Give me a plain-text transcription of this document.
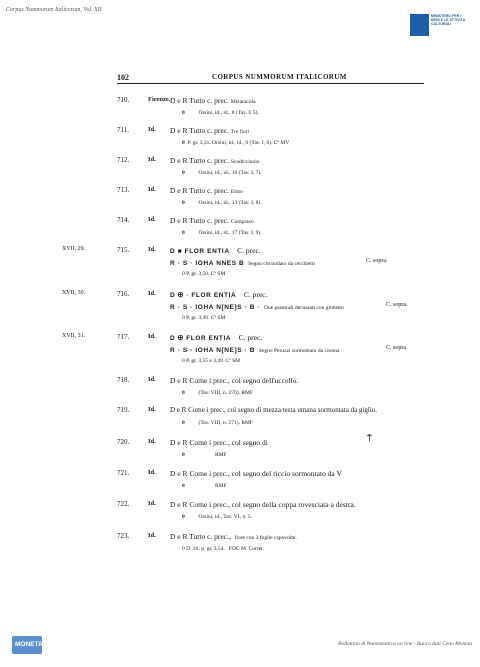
Corpus Nummorum Italicorum, Vol. XII
MINISTERO PER I BENI E LE ATTIVITÀ CULTURALI
102	CORPUS NUMMORUM ITALICORUM
710.	Firenze. D e R Tutto c. prec. Melaracola
0	Orsini, id., id., 8 (Tav. I, 5).
711.	Id. D e R Tutto c. prec. Tre fiori
0 P. gr. 3,31. Orsini, id., id., 9 (Tav. I, 6). Cª MV
712.	Id. D e R Tutto c. prec. Scudicciuolo
0	Orsini, id., id., 10 (Tav. I, 7).
713.	Id. D e R Tutto c. prec. Elmo
0	Orsini, id., id., 13 (Tav. I, 8).
714.	Id. D e R Tutto c. prec. Compasso
0	Orsini, id., id., 17 (Tav. I, 9).
XVII, 29.	715.	Id. D ■ FLOR ENTIA C. prec.
R · S · IOHA NNES B Segno circondato da cerchietti	C. sopra.
0 P. gr. 3,50. Cª SM
XVII, 30.	716.	Id. D ✠ · FLOR ENTIA C. prec.
R · S · IOHA N[NE]S · B · Due pastorali decussati con globetto	C. sopra.
0 P. gr. 3,49. Cª SM
XVII, 31.	717.	Id. D ✠ FLOR ENTIA C. prec.
R · S · IOHA N[NE]S · B Segno Peruzzi sormontato da corona	C. sopra.
0 P. gr. 3,55 e 3,49. Cª SM
718.	Id. D e R Come i prec., col segno dell'uccello.
0	(Tav. VIII, n. 270). RMF
719.	Id. D e R Come i prec., col segno di mezza testa umana sormontata da giglio.
0	(Tav. VIII, n. 271). RMF
720.	Id. D e R Come i prec., col segno di	⍑
0	RMF
721.	Id. D e R Come i prec., col segno del riccio sormontato da V
0	RMF
722.	Id. D e R Come i prec., col segno della coppa rovesciata a destra.
0	Orsini, id., Tav. VI, n. 5.
723.	Id. D e R Tutto c. prec., fiore con 3 foglie capovolte.
0 D. 20; p. gr. 3,54. FDC M. Correr.
MONETA	Bollettino di Numismatica on line - Banca dati Ceno Moneta
